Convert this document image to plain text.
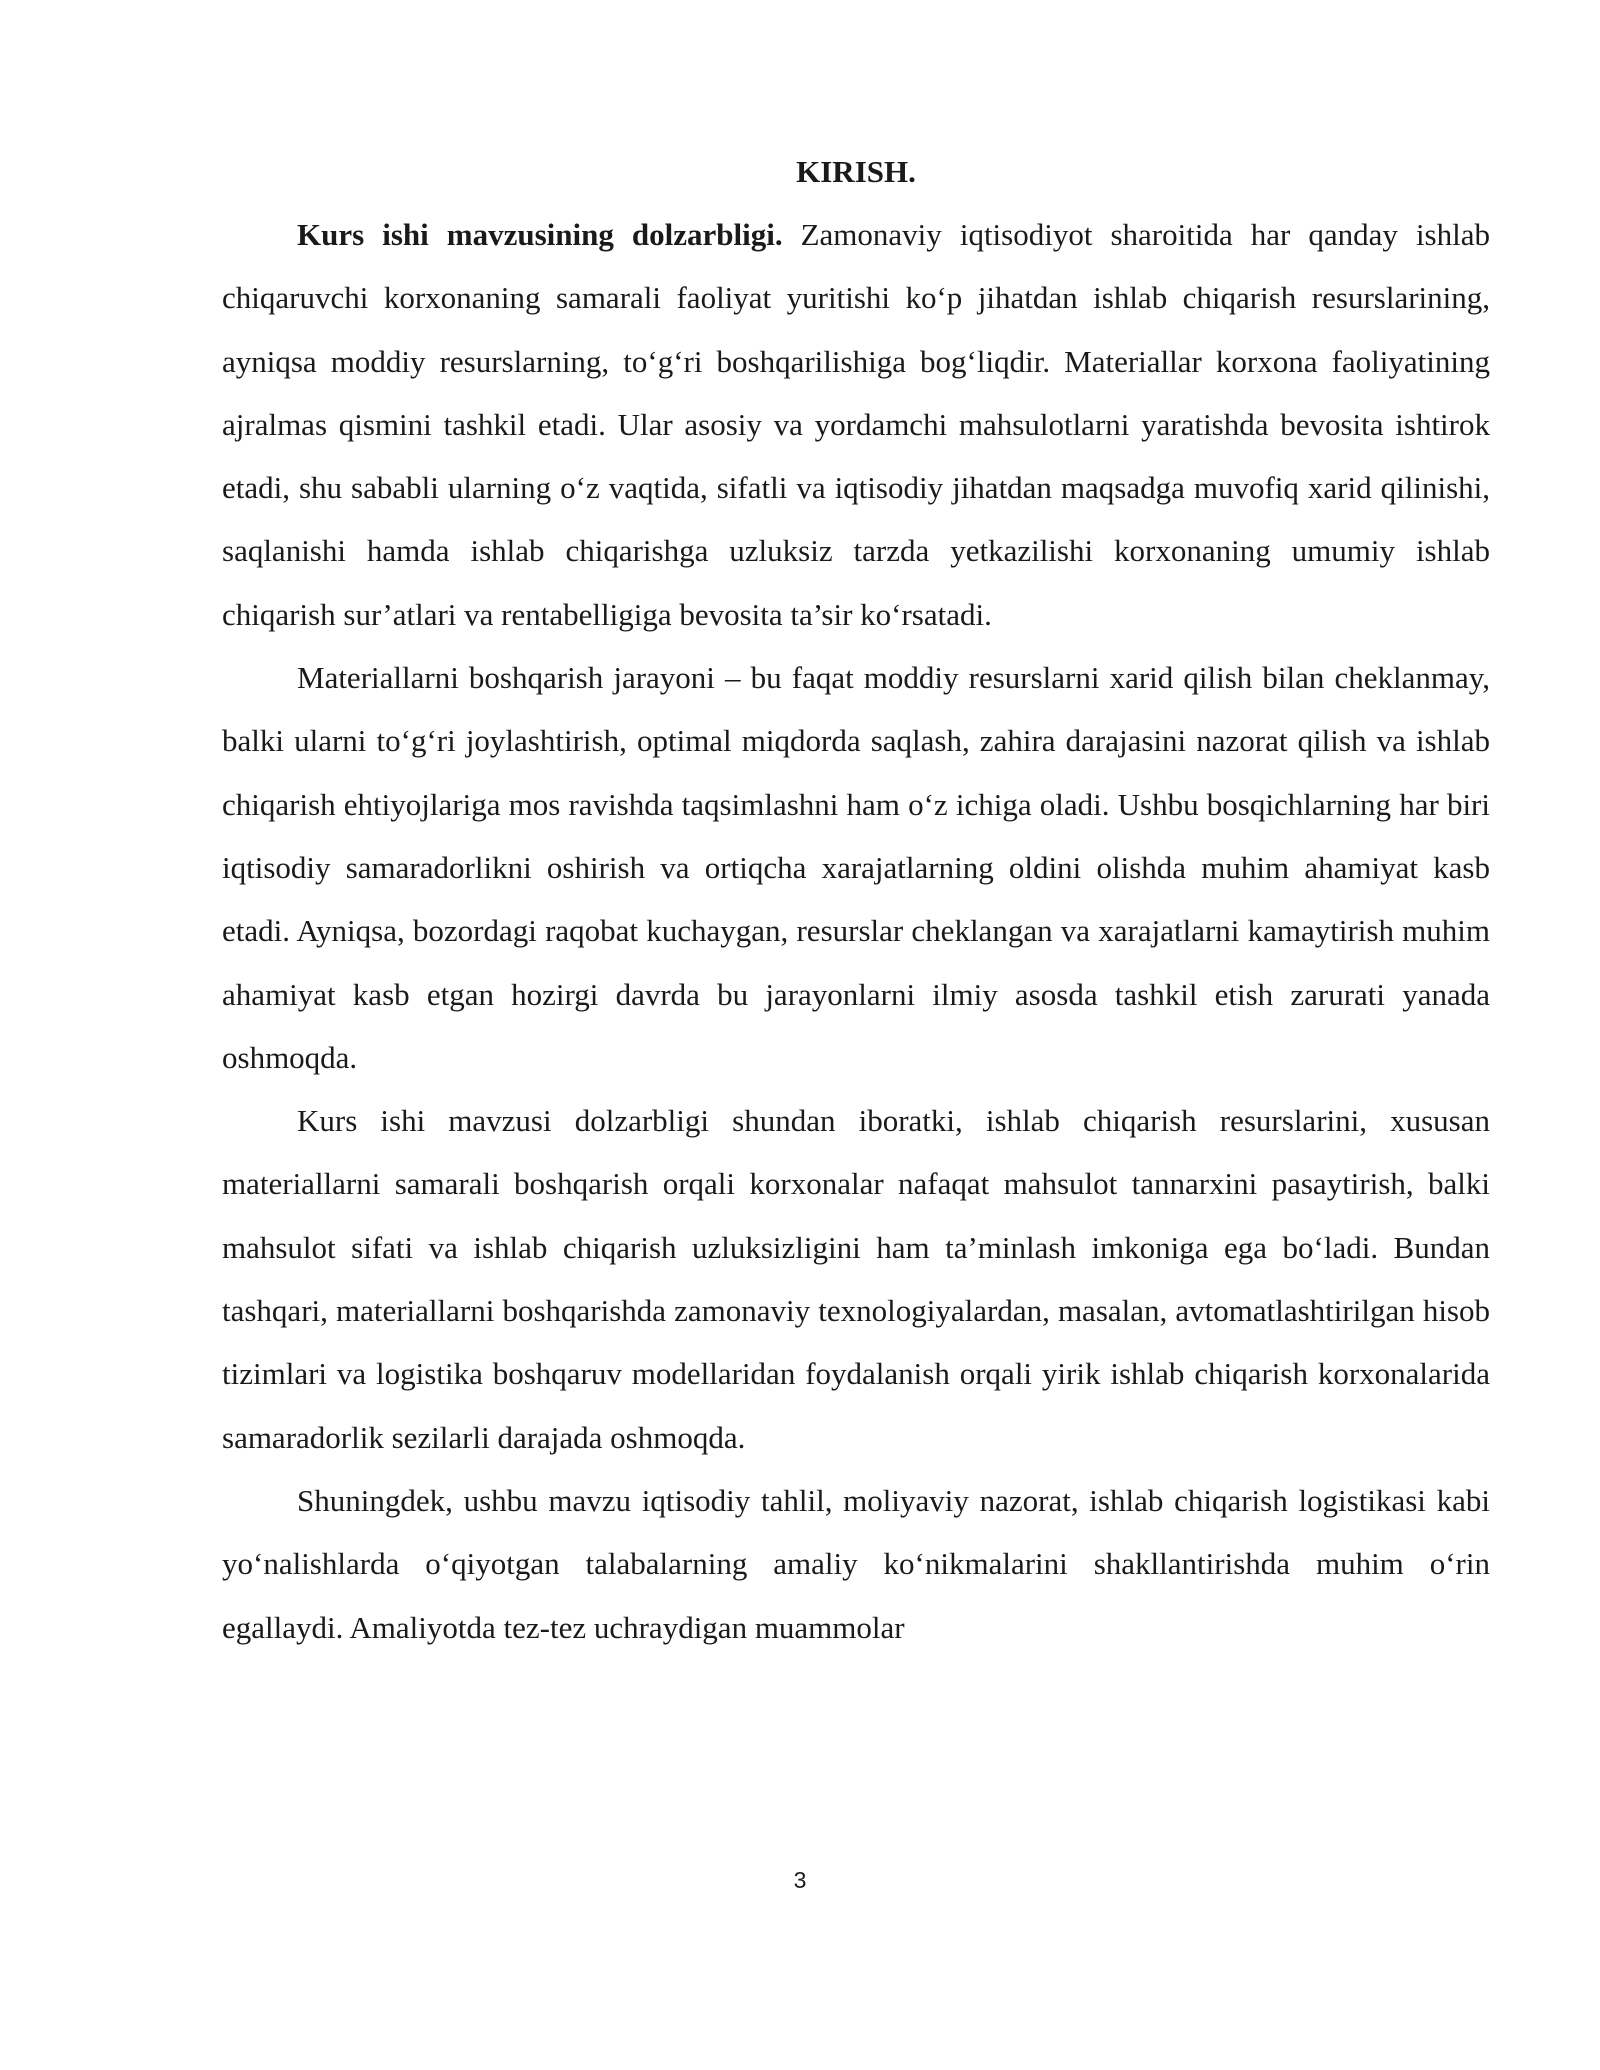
KIRISH.

Kurs ishi mavzusining dolzarbligi. Zamonaviy iqtisodiyot sharoitida har qanday ishlab chiqaruvchi korxonaning samarali faoliyat yuritishi ko‘p jihatdan ishlab chiqarish resurslarining, ayniqsa moddiy resurslarning, to‘g‘ri boshqarilishiga bog‘liqdir. Materiallar korxona faoliyatining ajralmas qismini tashkil etadi. Ular asosiy va yordamchi mahsulotlarni yaratishda bevosita ishtirok etadi, shu sababli ularning o‘z vaqtida, sifatli va iqtisodiy jihatdan maqsadga muvofiq xarid qilinishi, saqlanishi hamda ishlab chiqarishga uzluksiz tarzda yetkazilishi korxonaning umumiy ishlab chiqarish sur’atlari va rentabelligiga bevosita ta’sir ko‘rsatadi.

Materiallarni boshqarish jarayoni – bu faqat moddiy resurslarni xarid qilish bilan cheklanmay, balki ularni to‘g‘ri joylashtirish, optimal miqdorda saqlash, zahira darajasini nazorat qilish va ishlab chiqarish ehtiyojlariga mos ravishda taqsimlashni ham o‘z ichiga oladi. Ushbu bosqichlarning har biri iqtisodiy samaradorlikni oshirish va ortiqcha xarajatlarning oldini olishda muhim ahamiyat kasb etadi. Ayniqsa, bozordagi raqobat kuchaygan, resurslar cheklangan va xarajatlarni kamaytirish muhim ahamiyat kasb etgan hozirgi davrda bu jarayonlarni ilmiy asosda tashkil etish zarurati yanada oshmoqda.

Kurs ishi mavzusi dolzarbligi shundan iboratki, ishlab chiqarish resurslarini, xususan materiallarni samarali boshqarish orqali korxonalar nafaqat mahsulot tannarxini pasaytirish, balki mahsulot sifati va ishlab chiqarish uzluksizligini ham ta’minlash imkoniga ega bo‘ladi. Bundan tashqari, materiallarni boshqarishda zamonaviy texnologiyalardan, masalan, avtomatlashtirilgan hisob tizimlari va logistika boshqaruv modellaridan foydalanish orqali yirik ishlab chiqarish korxonalarida samaradorlik sezilarli darajada oshmoqda.

Shuningdek, ushbu mavzu iqtisodiy tahlil, moliyaviy nazorat, ishlab chiqarish logistikasi kabi yo‘nalishlarda o‘qiyotgan talabalarning amaliy ko‘nikmalarini shakllantirishda muhim o‘rin egallaydi. Amaliyotda tez-tez uchraydigan muammolar

3
